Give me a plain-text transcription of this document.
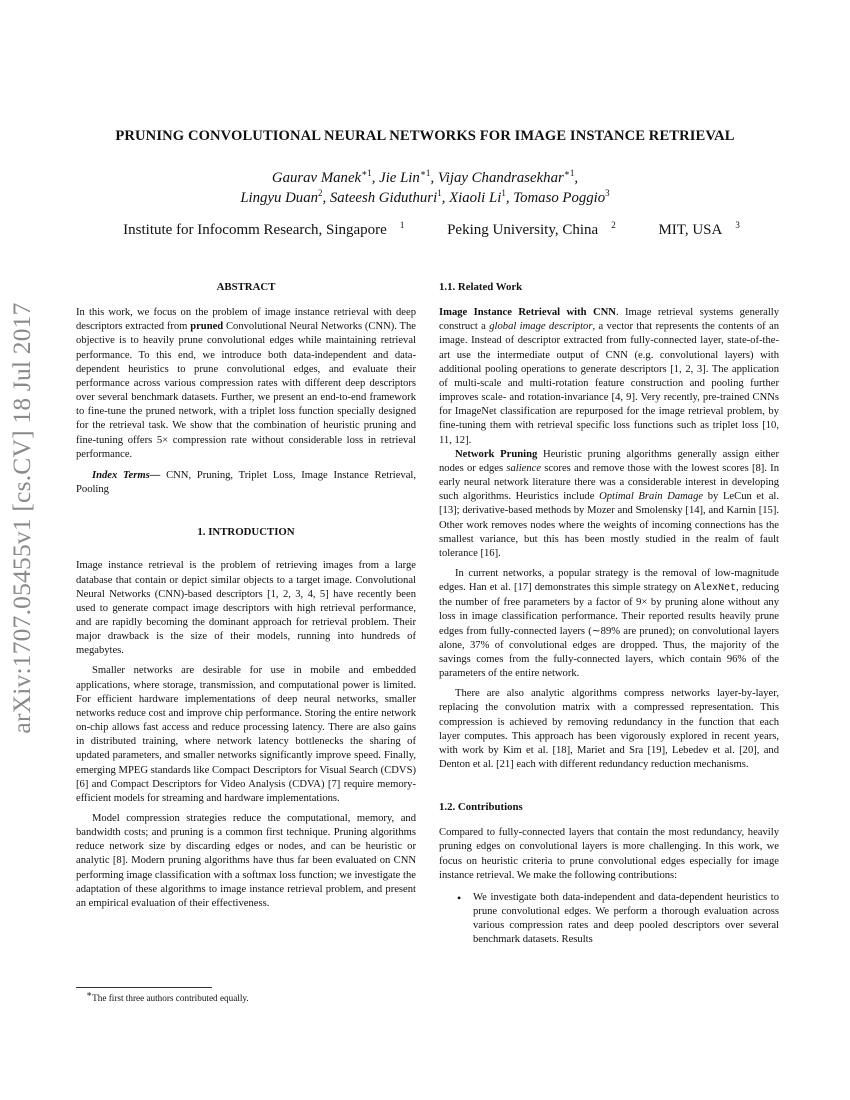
arXiv:1707.05455v1 [cs.CV] 18 Jul 2017
PRUNING CONVOLUTIONAL NEURAL NETWORKS FOR IMAGE INSTANCE RETRIEVAL
Gaurav Manek$^{∗1}$, Jie Lin$^{∗1}$, Vijay Chandrasekhar$^{∗1}$,
Lingyu Duan$^2$, Sateesh Giduthuri$^1$, Xiaoli Li$^1$, Tomaso Poggio$^3$
Institute for Infocomm Research, Singapore $^1$	Peking University, China $^2$	MIT, USA $^3$
ABSTRACT

In this work, we focus on the problem of image instance retrieval with deep descriptors extracted from pruned Convolutional Neural Networks (CNN). The objective is to heavily prune convolutional edges while maintaining retrieval performance. To this end, we introduce both data-independent and data-dependent heuristics to prune convolutional edges, and evaluate their performance across various compression rates with different deep descriptors over several benchmark datasets. Further, we present an end-to-end framework to fine-tune the pruned network, with a triplet loss function specially designed for the retrieval task. We show that the combination of heuristic pruning and fine-tuning offers 5× compression rate without considerable loss in retrieval performance.

Index Terms— CNN, Pruning, Triplet Loss, Image Instance Retrieval, Pooling

1. INTRODUCTION

Image instance retrieval is the problem of retrieving images from a large database that contain or depict similar objects to a target image. Convolutional Neural Networks (CNN)-based descriptors [1, 2, 3, 4, 5] have recently been used to generate compact image descriptors with high retrieval performance, and are rapidly becoming the dominant approach for retrieval problem. Their major drawback is the size of their models, running into hundreds of megabytes.

Smaller networks are desirable for use in mobile and embedded applications, where storage, transmission, and computational power is limited. For efficient hardware implementations of deep neural networks, smaller networks reduce cost and improve chip performance. Storing the entire network on-chip allows fast access and reduce processing latency. There are also gains in distributed training, where network latency bottlenecks the sharing of updated parameters, and smaller networks significantly improve speed. Finally, emerging MPEG standards like Compact Descriptors for Visual Search (CDVS) [6] and Compact Descriptors for Video Analysis (CDVA) [7] require memory-efficient models for streaming and hardware implementations.

Model compression strategies reduce the computational, memory, and bandwidth costs; and pruning is a common first technique. Pruning algorithms reduce network size by discarding edges or nodes, and can be heuristic or analytic [8]. Modern pruning algorithms have thus far been evaluated on CNN performing image classification with a softmax loss function; we investigate the adaptation of these algorithms to image instance retrieval problem, and present an empirical evaluation of their effectiveness.

∗The first three authors contributed equally.
1.1. Related Work

Image Instance Retrieval with CNN. Image retrieval systems generally construct a global image descriptor, a vector that represents the contents of an image. Instead of descriptor extracted from fully-connected layer, state-of-the-art use the intermediate output of CNN (e.g. convolutional layers) with additional pooling operations to generate descriptors [1, 2, 3]. The application of multi-scale and multi-rotation feature construction and pooling further improves scale- and rotation-invariance [4, 9]. Very recently, pre-trained CNNs for ImageNet classification are repurposed for the image retrieval problem, by fine-tuning them with retrieval specific loss functions such as triplet loss [10, 11, 12].

Network Pruning Heuristic pruning algorithms generally assign either nodes or edges salience scores and remove those with the lowest scores [8]. In early neural network literature there was a considerable interest in developing such algorithms. Heuristics include Optimal Brain Damage by LeCun et al. [13]; derivative-based methods by Mozer and Smolensky [14], and Karnin [15]. Other work removes nodes where the weights of incoming connections has the smallest variance, but this has been mostly studied in the realm of fault tolerance [16].

In current networks, a popular strategy is the removal of low-magnitude edges. Han et al. [17] demonstrates this simple strategy on AlexNet, reducing the number of free parameters by a factor of 9× by pruning alone without any loss in image classification performance. Their reported results heavily prune edges from fully-connected layers (∼89% are pruned); on convolutional layers alone, 37% of convolutional edges are dropped. Thus, the majority of the savings comes from the fully-connected layers, which contain 96% of the parameters of the entire network.

There are also analytic algorithms compress networks layer-by-layer, replacing the convolution matrix with a compressed representation. This compression is achieved by removing redundancy in the function that each layer computes. This approach has been vigorously explored in recent years, with work by Kim et al. [18], Mariet and Sra [19], Lebedev et al. [20], and Denton et al. [21] each with different redundancy reduction mechanisms.

1.2. Contributions

Compared to fully-connected layers that contain the most redundancy, heavily pruning edges on convolutional layers is more challenging. In this work, we focus on heuristic criteria to prune convolutional edges especially for image instance retrieval. We make the following contributions:

• We investigate both data-independent and data-dependent heuristics to prune convolutional edges. We perform a thorough evaluation across various compression rates and deep pooled descriptors over several benchmark datasets. Results
